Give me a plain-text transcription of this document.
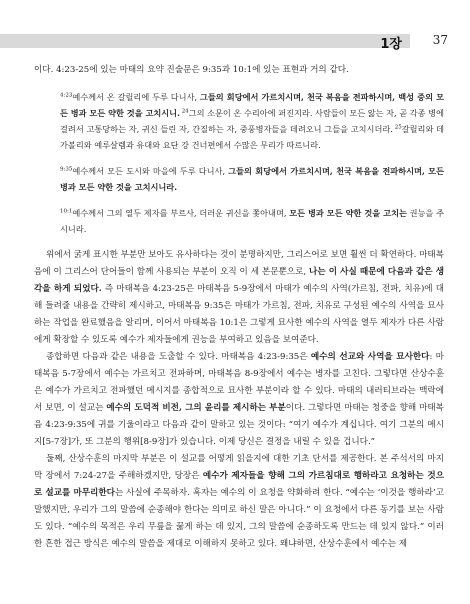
1장	37

이다. 4:23-25에 있는 마태의 요약 진술문은 9:35과 10:1에 있는 표현과 거의 같다.

$^{4:23}$예수께서 온 갈릴리에 두루 다니사, 그들의 회당에서 가르치시며, 천국 복음을 전파하시며, 백성 중의 모든 병과 모든 약한 것을 고치시니. $^{24}$그의 소문이 온 수리아에 퍼진지라. 사람들이 모든 앓는 자, 곧 각종 병에 걸려서 고통당하는 자, 귀신 들린 자, 간질하는 자, 중풍병자들을 데려오니 그들을 고치시더라. $^{25}$갈릴리와 데가볼리와 예루살렘과 유대와 요단 강 건너편에서 수많은 무리가 따르니라.

$^{9:35}$예수께서 모든 도시와 마을에 두루 다니사, 그들의 회당에서 가르치시며, 천국 복음을 전파하시며, 모든 병과 모든 약한 것을 고치시니라.

$^{10:1}$예수께서 그의 열두 제자를 부르사, 더러운 귀신을 쫓아내며, 모든 병과 모든 약한 것을 고치는 권능을 주시니라.

위에서 굵게 표시한 부분만 보아도 유사하다는 것이 분명하지만, 그리스어로 보면 훨씬 더 확연하다. 마태복음에 이 그리스어 단어들이 함께 사용되는 부분이 오직 이 세 본문뿐으로, 나는 이 사실 때문에 다음과 같은 생각을 하게 되었다. 즉 마태복음 4:23-25은 마태복음 5-9장에서 마태가 예수의 사역(가르침, 전파, 치유)에 대해 들려줄 내용을 간략히 제시하고, 마태복음 9:35은 마태가 가르침, 전파, 치유로 구성된 예수의 사역을 묘사하는 작업을 완료했음을 알리며, 이어서 마태복음 10:1은 그렇게 묘사한 예수의 사역을 열두 제자가 다른 사람에게 확장할 수 있도록 예수가 제자들에게 권능을 부여하고 있음을 보여준다.

종합하면 다음과 같은 내용을 도출할 수 있다. 마태복음 4:23-9:35은 예수의 선교와 사역을 묘사한다: 마태복음 5-7장에서 예수는 가르치고 전파하며, 마태복음 8-9장에서 예수는 병자를 고친다. 그렇다면 산상수훈은 예수가 가르치고 전파했던 메시지를 종합적으로 묘사한 부분이라 할 수 있다. 마태의 내러티브라는 맥락에서 보면, 이 설교는 예수의 도덕적 비전, 그의 윤리를 제시하는 부분이다. 그렇다면 마태는 청중을 향해 마태복음 4:23-9:35에 귀를 기울이라고 다음과 같이 말하고 있는 것이다: “여기 예수가 계십니다. 여기 그분의 메시지[5-7장]가, 또 그분의 행위[8-9장]가 있습니다. 이제 당신은 결정을 내릴 수 있을 겁니다.”

둘째, 산상수훈의 마지막 부분은 이 설교를 어떻게 읽을지에 대한 기초 단서를 제공한다. 본 주석서의 마지막 장에서 7:24-27을 주해하겠지만, 당장은 예수가 제자들을 향해 그의 가르침대로 행하라고 요청하는 것으로 설교를 마무리한다는 사실에 주목하자. 혹자는 예수의 이 요청을 약화하려 한다. “예수는 ‘이것을 행하라’고 말했지만, 우리가 그의 말씀에 순종해야 한다는 의미로 하신 말은 아니다.” 이 요청에서 다른 동기를 보는 사람도 있다. “예수의 목적은 우리 무릎을 꿇게 하는 데 있지, 그의 말씀에 순종하도록 만드는 데 있지 않다.” 이러한 흔한 접근 방식은 예수의 말씀을 제대로 이해하지 못하고 있다. 왜냐하면, 산상수훈에서 예수는 제
